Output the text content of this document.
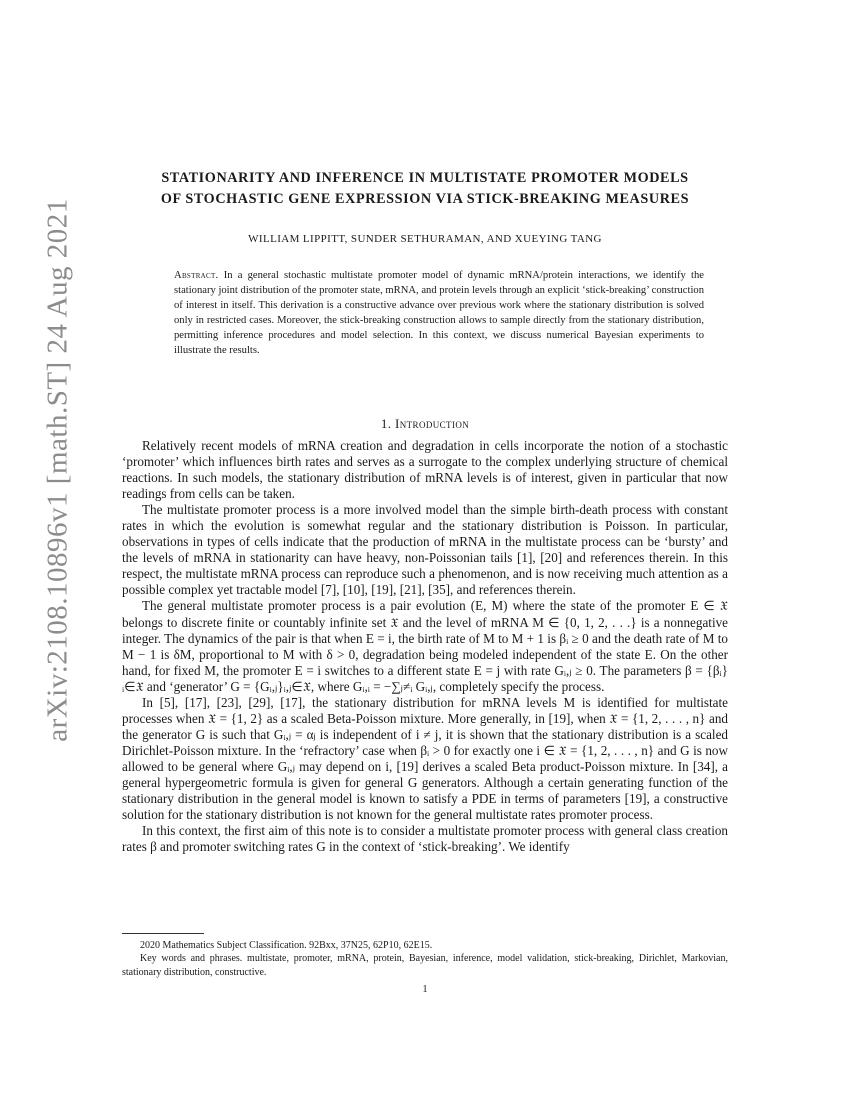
arXiv:2108.10896v1 [math.ST] 24 Aug 2021
STATIONARITY AND INFERENCE IN MULTISTATE PROMOTER MODELS
OF STOCHASTIC GENE EXPRESSION VIA STICK-BREAKING MEASURES
WILLIAM LIPPITT, SUNDER SETHURAMAN, AND XUEYING TANG
Abstract. In a general stochastic multistate promoter model of dynamic mRNA/protein interactions, we identify the stationary joint distribution of the promoter state, mRNA, and protein levels through an explicit ‘stick-breaking’ construction of interest in itself. This derivation is a constructive advance over previous work where the stationary distribution is solved only in restricted cases. Moreover, the stick-breaking construction allows to sample directly from the stationary distribution, permitting inference procedures and model selection. In this context, we discuss numerical Bayesian experiments to illustrate the results.
1. Introduction

Relatively recent models of mRNA creation and degradation in cells incorporate the notion of a stochastic ‘promoter’ which influences birth rates and serves as a surrogate to the complex underlying structure of chemical reactions. In such models, the stationary distribution of mRNA levels is of interest, given in particular that now readings from cells can be taken.

The multistate promoter process is a more involved model than the simple birth-death process with constant rates in which the evolution is somewhat regular and the stationary distribution is Poisson. In particular, observations in types of cells indicate that the production of mRNA in the multistate process can be ‘bursty’ and the levels of mRNA in stationarity can have heavy, non-Poissonian tails [1], [20] and references therein. In this respect, the multistate mRNA process can reproduce such a phenomenon, and is now receiving much attention as a possible complex yet tractable model [7], [10], [19], [21], [35], and references therein.

The general multistate promoter process is a pair evolution (E, M) where the state of the promoter E ∈ 𝔛 belongs to discrete finite or countably infinite set 𝔛 and the level of mRNA M ∈ {0, 1, 2, . . .} is a nonnegative integer. The dynamics of the pair is that when E = i, the birth rate of M to M + 1 is βᵢ ≥ 0 and the death rate of M to M − 1 is δM, proportional to M with δ > 0, degradation being modeled independent of the state E. On the other hand, for fixed M, the promoter E = i switches to a different state E = j with rate Gᵢ,ⱼ ≥ 0. The parameters β = {βᵢ}ᵢ∈𝔛 and ‘generator’ G = {Gᵢ,ⱼ}ᵢ,ⱼ∈𝔛, where Gᵢ,ᵢ = −∑ⱼ≠ᵢ Gᵢ,ⱼ, completely specify the process.

In [5], [17], [23], [29], [17], the stationary distribution for mRNA levels M is identified for multistate processes when 𝔛 = {1, 2} as a scaled Beta-Poisson mixture. More generally, in [19], when 𝔛 = {1, 2, . . . , n} and the generator G is such that Gᵢ,ⱼ = αⱼ is independent of i ≠ j, it is shown that the stationary distribution is a scaled Dirichlet-Poisson mixture. In the ‘refractory’ case when βᵢ > 0 for exactly one i ∈ 𝔛 = {1, 2, . . . , n} and G is now allowed to be general where Gᵢ,ⱼ may depend on i, [19] derives a scaled Beta product-Poisson mixture. In [34], a general hypergeometric formula is given for general G generators. Although a certain generating function of the stationary distribution in the general model is known to satisfy a PDE in terms of parameters [19], a constructive solution for the stationary distribution is not known for the general multistate rates promoter process.

In this context, the first aim of this note is to consider a multistate promoter process with general class creation rates β and promoter switching rates G in the context of ‘stick-breaking’. We identify

2020 Mathematics Subject Classification. 92Bxx, 37N25, 62P10, 62E15.

Key words and phrases. multistate, promoter, mRNA, protein, Bayesian, inference, model validation, stick-breaking, Dirichlet, Markovian, stationary distribution, constructive.

1
